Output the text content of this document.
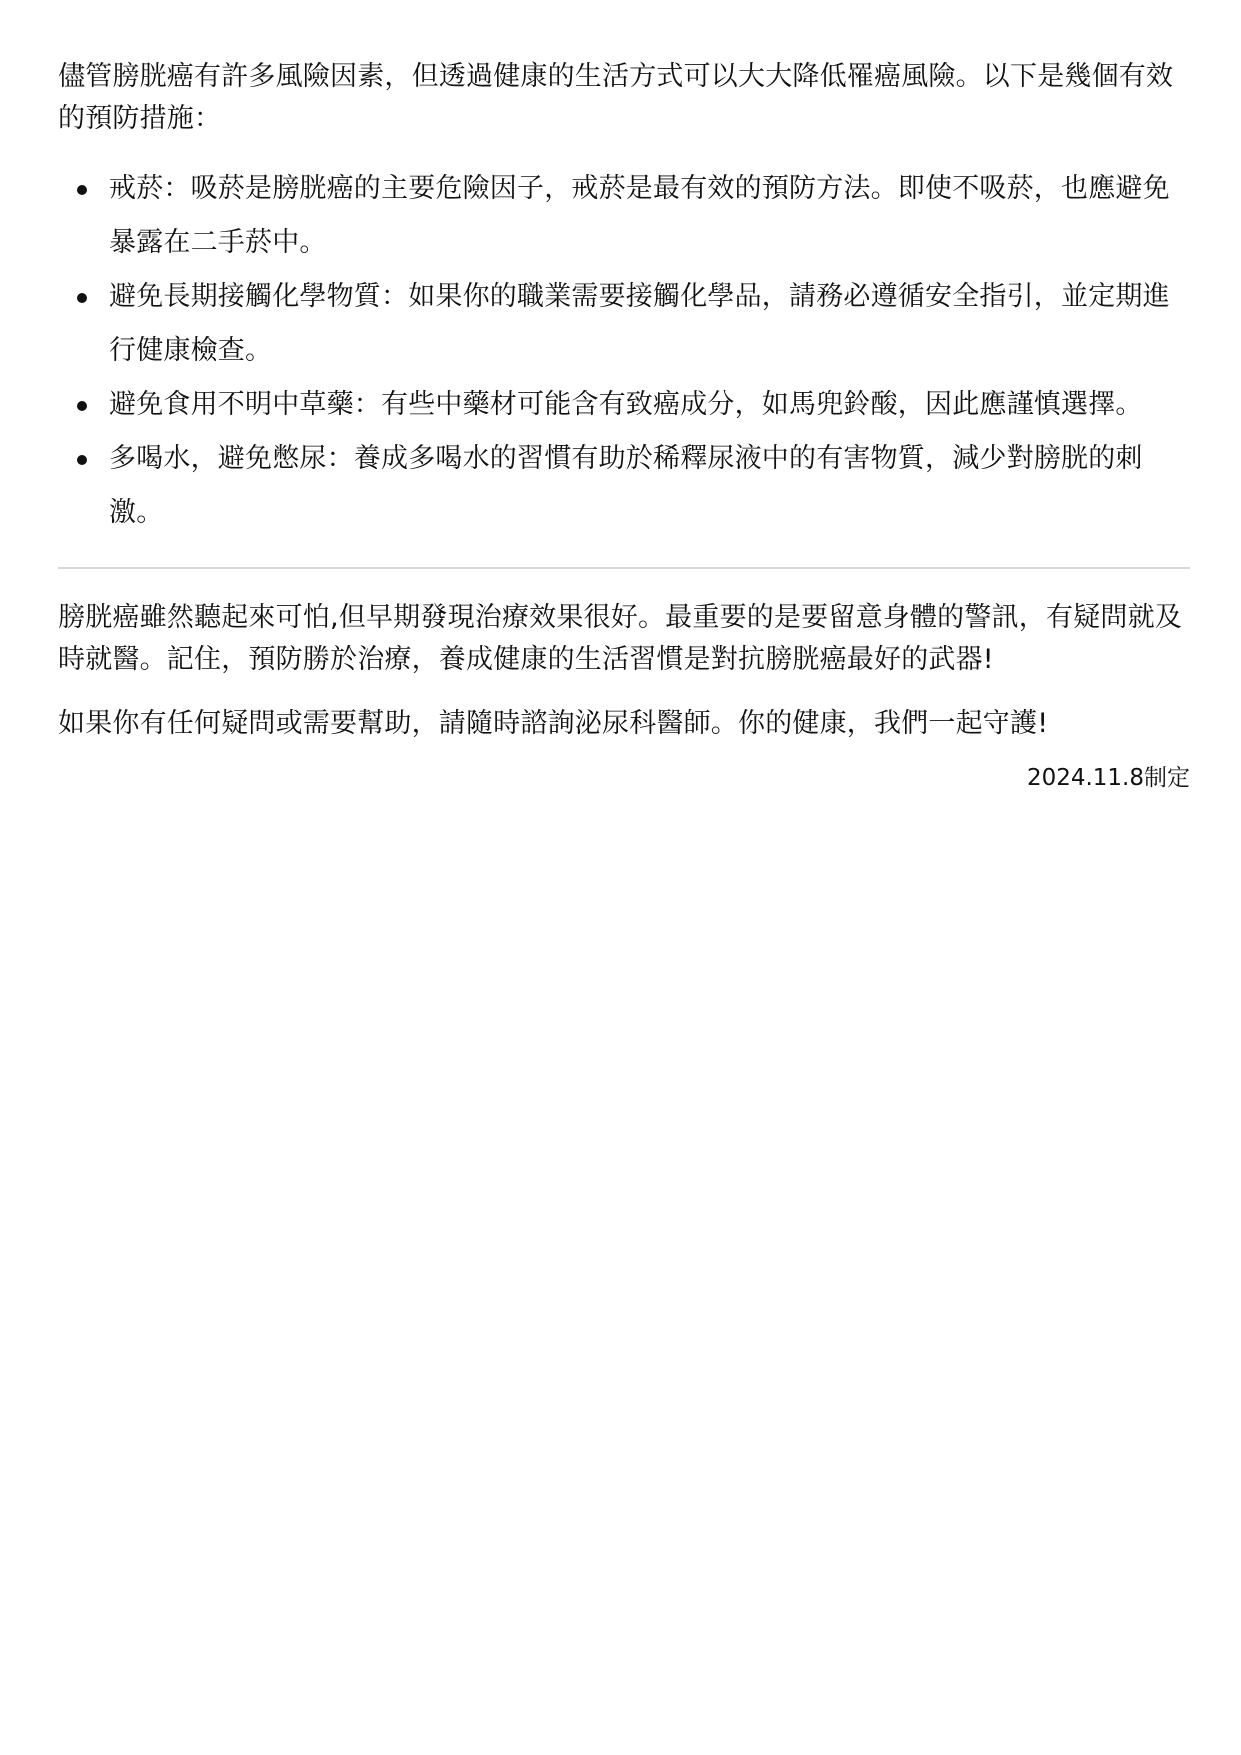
儘管膀胱癌有許多風險因素，但透過健康的生活方式可以大大降低罹癌風險。以下是幾個有效的預防措施：

戒菸：吸菸是膀胱癌的主要危險因子，戒菸是最有效的預防方法。即使不吸菸，也應避免暴露在二手菸中。
避免長期接觸化學物質：如果你的職業需要接觸化學品，請務必遵循安全指引，並定期進行健康檢查。
避免食用不明中草藥：有些中藥材可能含有致癌成分，如馬兜鈴酸，因此應謹慎選擇。
多喝水，避免憋尿：養成多喝水的習慣有助於稀釋尿液中的有害物質，減少對膀胱的刺激。

膀胱癌雖然聽起來可怕,但早期發現治療效果很好。最重要的是要留意身體的警訊，有疑問就及時就醫。記住，預防勝於治療，養成健康的生活習慣是對抗膀胱癌最好的武器!

如果你有任何疑問或需要幫助，請隨時諮詢泌尿科醫師。你的健康，我們一起守護!

2024.11.8制定
